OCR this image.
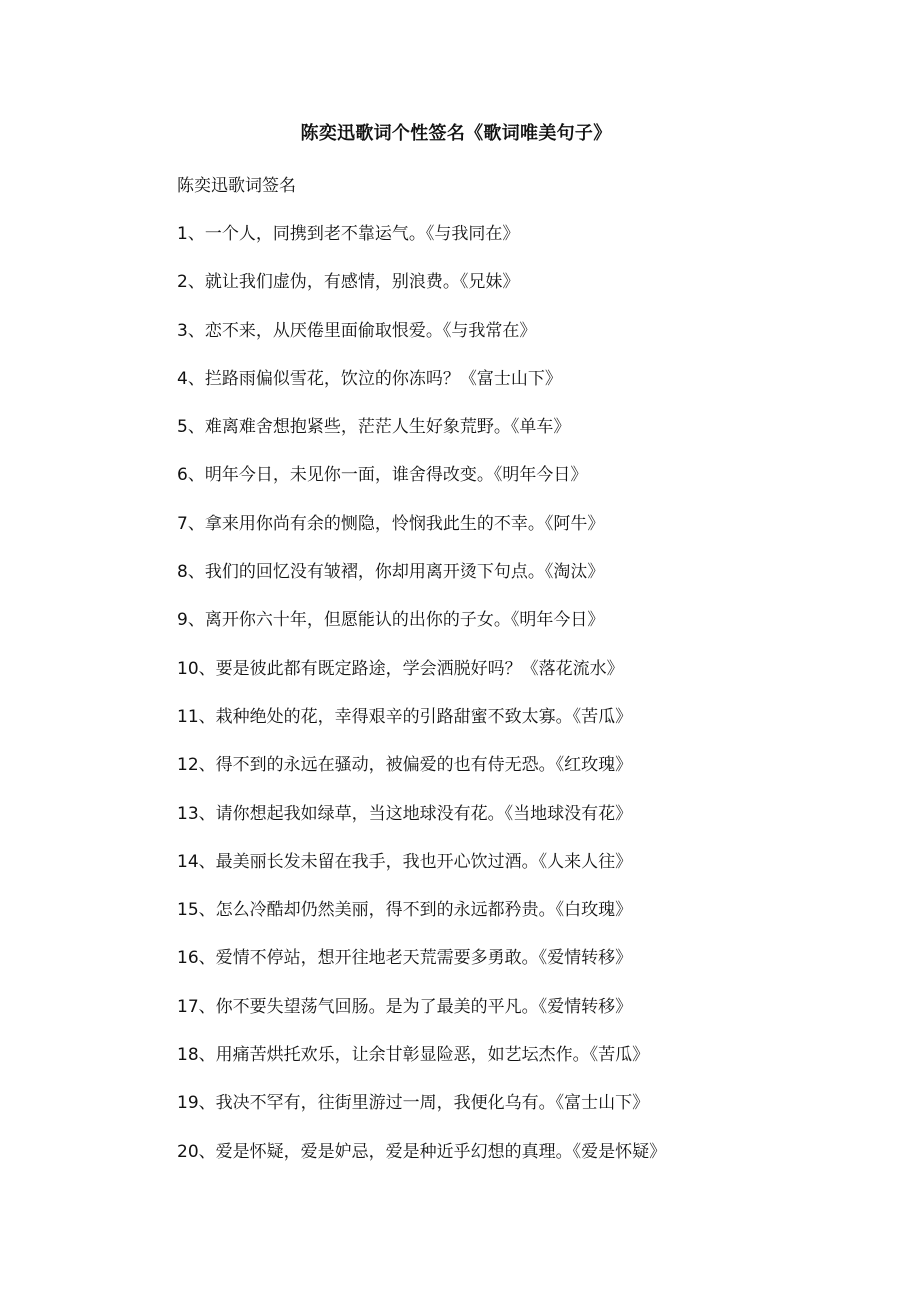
陈奕迅歌词个性签名《歌词唯美句子》
陈奕迅歌词签名
1、一个人，同携到老不靠运气。《与我同在》
2、就让我们虚伪，有感情，别浪费。《兄妹》
3、恋不来，从厌倦里面偷取恨爱。《与我常在》
4、拦路雨偏似雪花，饮泣的你冻吗？《富士山下》
5、难离难舍想抱紧些，茫茫人生好象荒野。《单车》
6、明年今日，未见你一面，谁舍得改变。《明年今日》
7、拿来用你尚有余的恻隐，怜悯我此生的不幸。《阿牛》
8、我们的回忆没有皱褶，你却用离开烫下句点。《淘汰》
9、离开你六十年，但愿能认的出你的子女。《明年今日》
10、要是彼此都有既定路途，学会洒脱好吗？《落花流水》
11、栽种绝处的花，幸得艰辛的引路甜蜜不致太寡。《苦瓜》
12、得不到的永远在骚动，被偏爱的也有侍无恐。《红玫瑰》
13、请你想起我如绿草，当这地球没有花。《当地球没有花》
14、最美丽长发未留在我手，我也开心饮过酒。《人来人往》
15、怎么冷酷却仍然美丽，得不到的永远都矜贵。《白玫瑰》
16、爱情不停站，想开往地老天荒需要多勇敢。《爱情转移》
17、你不要失望荡气回肠。是为了最美的平凡。《爱情转移》
18、用痛苦烘托欢乐，让余甘彰显险恶，如艺坛杰作。《苦瓜》
19、我决不罕有，往街里游过一周，我便化乌有。《富士山下》
20、爱是怀疑，爱是妒忌，爱是种近乎幻想的真理。《爱是怀疑》
